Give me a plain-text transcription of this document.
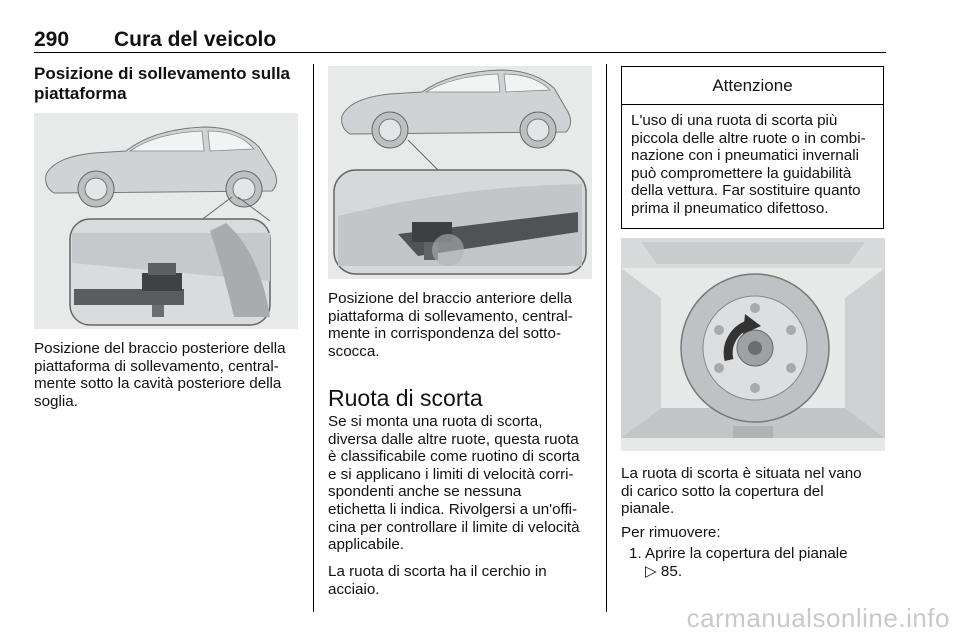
290 Cura del veicolo
Posizione di sollevamento sulla
piattaforma
Posizione del braccio posteriore della
piattaforma di sollevamento, central-
mente sotto la cavità posteriore della
soglia.
Posizione del braccio anteriore della
piattaforma di sollevamento, central-
mente in corrispondenza del sotto-
scocca.
Ruota di scorta
Se si monta una ruota di scorta,
diversa dalle altre ruote, questa ruota
è classificabile come ruotino di scorta
e si applicano i limiti di velocità corri-
spondenti anche se nessuna
etichetta li indica. Rivolgersi a un'offi-
cina per controllare il limite di velocità
applicabile.
La ruota di scorta ha il cerchio in
acciaio.
Attenzione
L'uso di una ruota di scorta più
piccola delle altre ruote o in combi-
nazione con i pneumatici invernali
può compromettere la guidabilità
della vettura. Far sostituire quanto
prima il pneumatico difettoso.
La ruota di scorta è situata nel vano
di carico sotto la copertura del
pianale.
Per rimuovere:
1. Aprire la copertura del pianale
▷ 85.
carmanualsonline.info
